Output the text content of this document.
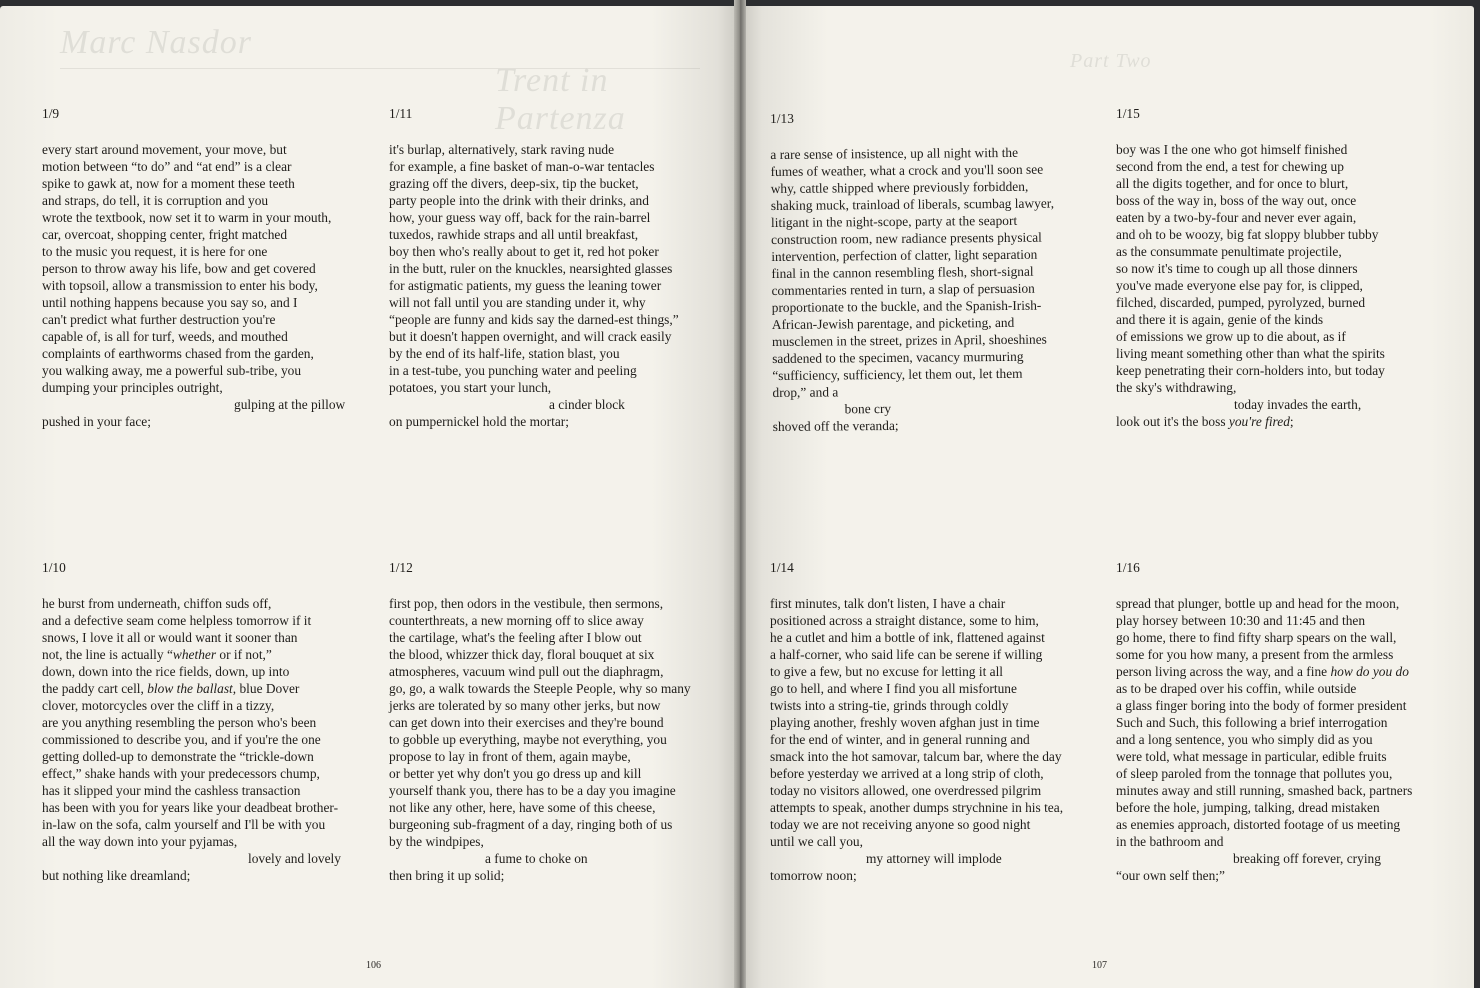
Marc Nasdor
Trent in Partenza
1/9
every start around movement, your move, but
motion between “to do” and “at end” is a clear
spike to gawk at, now for a moment these teeth
and straps, do tell, it is corruption and you
wrote the textbook, now set it to warm in your mouth,
car, overcoat, shopping center, fright matched
to the music you request, it is here for one
person to throw away his life, bow and get covered
with topsoil, allow a transmission to enter his body,
until nothing happens because you say so, and I
can't predict what further destruction you're
capable of, is all for turf, weeds, and mouthed
complaints of earthworms chased from the garden,
you walking away, me a powerful sub-tribe, you
dumping your principles outright,
gulping at the pillow
pushed in your face;
1/10
he burst from underneath, chiffon suds off,
and a defective seam come helpless tomorrow if it
snows, I love it all or would want it sooner than
not, the line is actually “whether or if not,”
down, down into the rice fields, down, up into
the paddy cart cell, blow the ballast, blue Dover
clover, motorcycles over the cliff in a tizzy,
are you anything resembling the person who's been
commissioned to describe you, and if you're the one
getting dolled-up to demonstrate the “trickle-down
effect,” shake hands with your predecessors chump,
has it slipped your mind the cashless transaction
has been with you for years like your deadbeat brother-
in-law on the sofa, calm yourself and I'll be with you
all the way down into your pyjamas,
lovely and lovely
but nothing like dreamland;
1/11
it's burlap, alternatively, stark raving nude
for example, a fine basket of man-o-war tentacles
grazing off the divers, deep-six, tip the bucket,
party people into the drink with their drinks, and
how, your guess way off, back for the rain-barrel
tuxedos, rawhide straps and all until breakfast,
boy then who's really about to get it, red hot poker
in the butt, ruler on the knuckles, nearsighted glasses
for astigmatic patients, my guess the leaning tower
will not fall until you are standing under it, why
“people are funny and kids say the darned-est things,”
but it doesn't happen overnight, and will crack easily
by the end of its half-life, station blast, you
in a test-tube, you punching water and peeling
potatoes, you start your lunch,
a cinder block
on pumpernickel hold the mortar;
1/12
first pop, then odors in the vestibule, then sermons,
counterthreats, a new morning off to slice away
the cartilage, what's the feeling after I blow out
the blood, whizzer thick day, floral bouquet at six
atmospheres, vacuum wind pull out the diaphragm,
go, go, a walk towards the Steeple People, why so many
jerks are tolerated by so many other jerks, but now
can get down into their exercises and they're bound
to gobble up everything, maybe not everything, you
propose to lay in front of them, again maybe,
or better yet why don't you go dress up and kill
yourself thank you, there has to be a day you imagine
not like any other, here, have some of this cheese,
burgeoning sub-fragment of a day, ringing both of us
by the windpipes,
a fume to choke on
then bring it up solid;
106
Part Two
1/13
a rare sense of insistence, up all night with the
fumes of weather, what a crock and you'll soon see
why, cattle shipped where previously forbidden,
shaking muck, trainload of liberals, scumbag lawyer,
litigant in the night-scope, party at the seaport
construction room, new radiance presents physical
intervention, perfection of clatter, light separation
final in the cannon resembling flesh, short-signal
commentaries rented in turn, a slap of persuasion
proportionate to the buckle, and the Spanish-Irish-
African-Jewish parentage, and picketing, and
musclemen in the street, prizes in April, shoeshines
saddened to the specimen, vacancy murmuring
“sufficiency, sufficiency, let them out, let them
drop,” and a
bone cry
shoved off the veranda;
1/14
first minutes, talk don't listen, I have a chair
positioned across a straight distance, some to him,
he a cutlet and him a bottle of ink, flattened against
a half-corner, who said life can be serene if willing
to give a few, but no excuse for letting it all
go to hell, and where I find you all misfortune
twists into a string-tie, grinds through coldly
playing another, freshly woven afghan just in time
for the end of winter, and in general running and
smack into the hot samovar, talcum bar, where the day
before yesterday we arrived at a long strip of cloth,
today no visitors allowed, one overdressed pilgrim
attempts to speak, another dumps strychnine in his tea,
today we are not receiving anyone so good night
until we call you,
my attorney will implode
tomorrow noon;
1/15
boy was I the one who got himself finished
second from the end, a test for chewing up
all the digits together, and for once to blurt,
boss of the way in, boss of the way out, once
eaten by a two-by-four and never ever again,
and oh to be woozy, big fat sloppy blubber tubby
as the consummate penultimate projectile,
so now it's time to cough up all those dinners
you've made everyone else pay for, is clipped,
filched, discarded, pumped, pyrolyzed, burned
and there it is again, genie of the kinds
of emissions we grow up to die about, as if
living meant something other than what the spirits
keep penetrating their corn-holders into, but today
the sky's withdrawing,
today invades the earth,
look out it's the boss you're fired;
1/16
spread that plunger, bottle up and head for the moon,
play horsey between 10:30 and 11:45 and then
go home, there to find fifty sharp spears on the wall,
some for you how many, a present from the armless
person living across the way, and a fine how do you do
as to be draped over his coffin, while outside
a glass finger boring into the body of former president
Such and Such, this following a brief interrogation
and a long sentence, you who simply did as you
were told, what message in particular, edible fruits
of sleep paroled from the tonnage that pollutes you,
minutes away and still running, smashed back, partners
before the hole, jumping, talking, dread mistaken
as enemies approach, distorted footage of us meeting
in the bathroom and
breaking off forever, crying
“our own self then;”
107
